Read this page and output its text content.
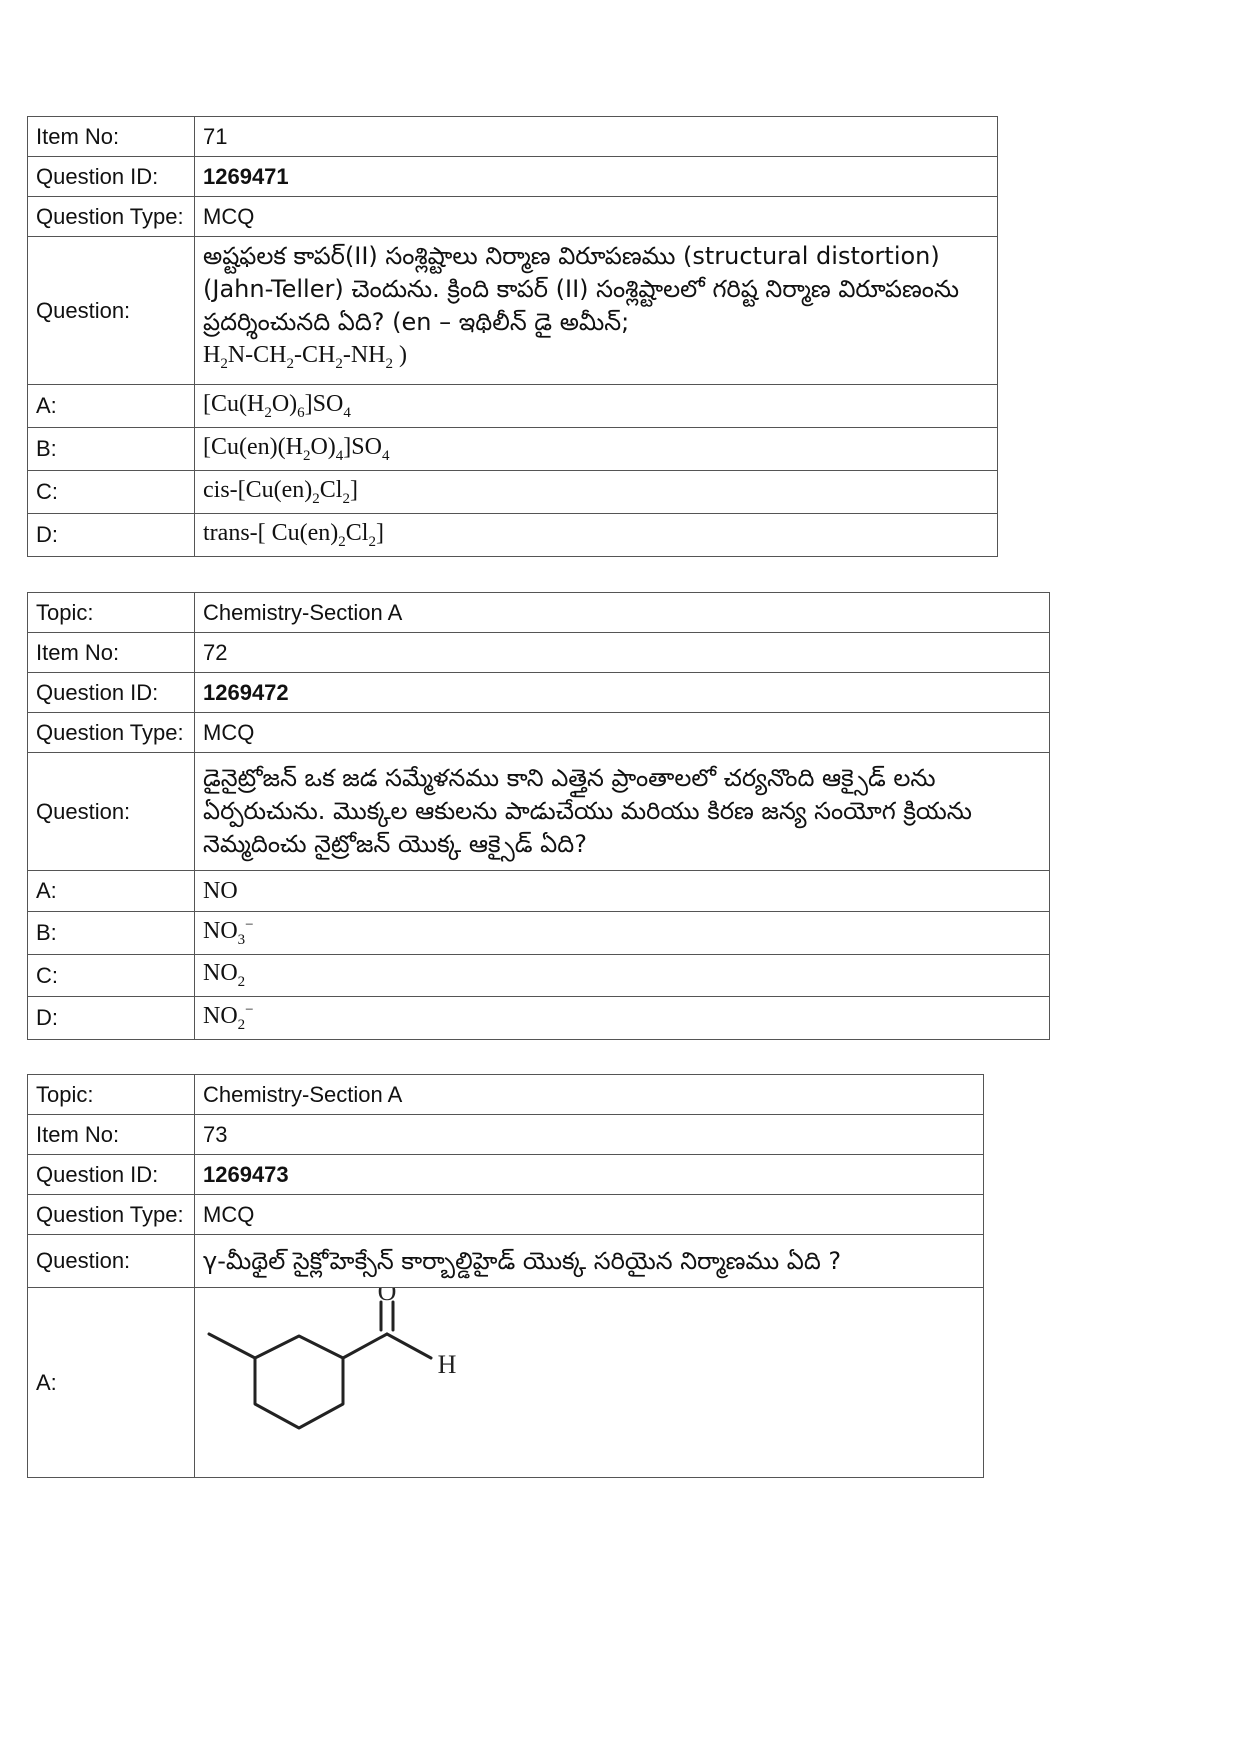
Item No:	71
Question ID:	1269471
Question Type:	MCQ
Question:	అష్టఫలక కాపర్(II) సంశ్లిష్టాలు నిర్మాణ విరూపణము (structural distortion) (Jahn-Teller) చెందును. క్రింది కాపర్ (II) సంశ్లిష్టాలలో గరిష్ట నిర్మాణ విరూపణంను ప్రదర్శించునది ఏది? (en – ఇథిలీన్ డై అమీన్;
$H_2N-CH_2-CH_2-NH_2$ )

A:	$[Cu(H_2O)_6]SO_4$
B:	$[Cu(en)(H_2O)_4]SO_4$
C:	cis-$[Cu(en)_2Cl_2]$
D:	trans-[ $Cu(en)_2Cl_2$]
Topic:	Chemistry-Section A
Item No:	72
Question ID:	1269472
Question Type:	MCQ
Question:	డైనైట్రోజన్ ఒక జడ సమ్మేళనము కాని ఎత్తైన ప్రాంతాలలో చర్యనొంది ఆక్సైడ్ లను ఏర్పరుచును. మొక్కల ఆకులను పాడుచేయు మరియు కిరణ జన్య సంయోగ క్రియను నెమ్మదించు నైట్రోజన్ యొక్క ఆక్సైడ్ ఏది?
A:	NO
B:	$NO_3^-$
C:	$NO_2$
D:	$NO_2^-$
Topic:	Chemistry-Section A
Item No:	73
Question ID:	1269473
Question Type:	MCQ
Question:	γ-మీథైల్ సైక్లోహెక్సేన్ కార్బాల్డిహైడ్ యొక్క సరియైన నిర్మాణము ఏది ?
A:	O
H
